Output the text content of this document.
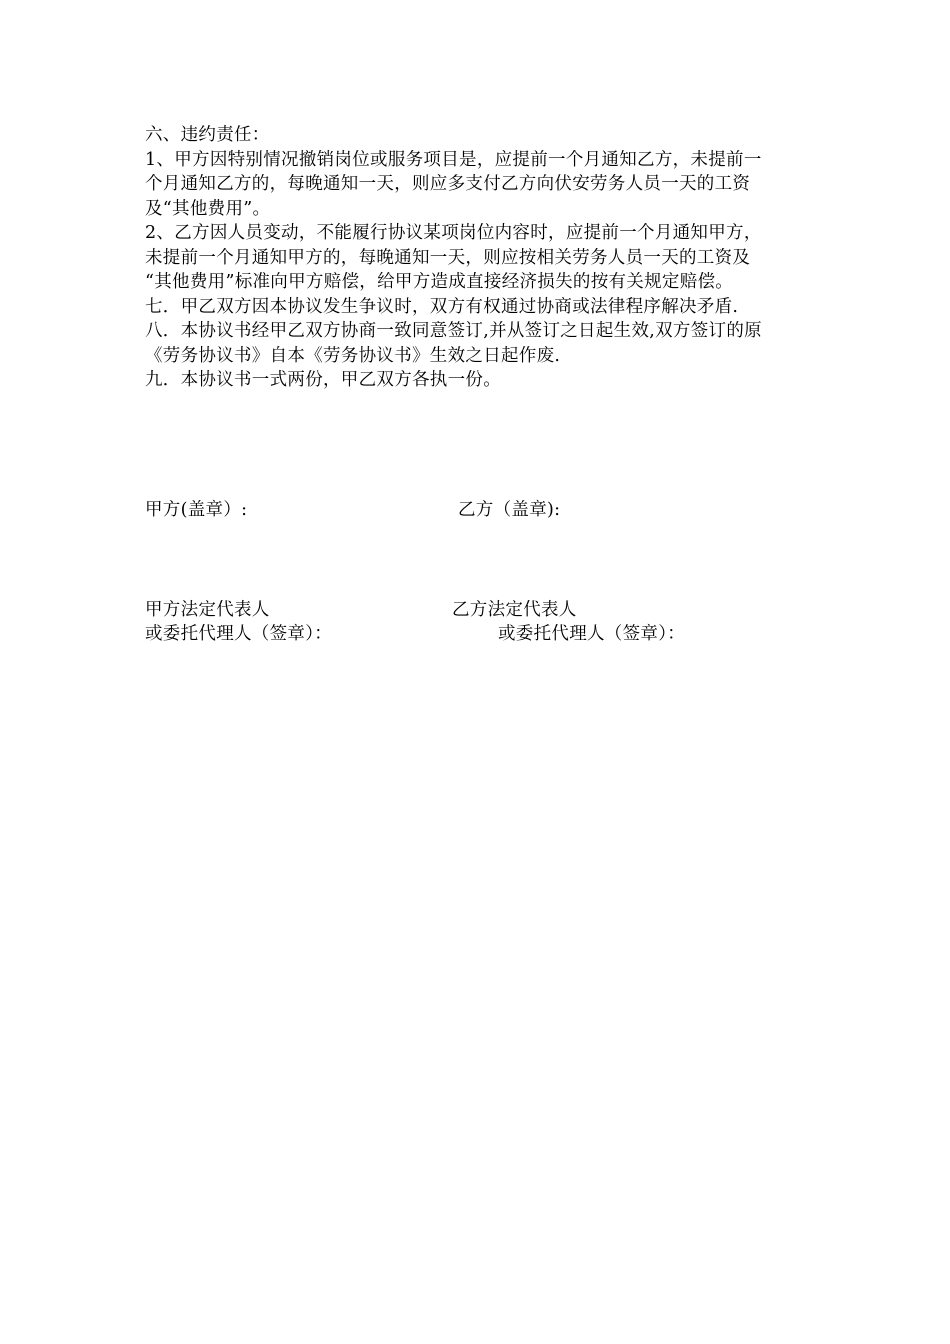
六、违约责任：

1、甲方因特别情况撤销岗位或服务项目是，应提前一个月通知乙方，未提前一

个月通知乙方的，每晚通知一天，则应多支付乙方向伏安劳务人员一天的工资

及“其他费用”。

2、乙方因人员变动，不能履行协议某项岗位内容时，应提前一个月通知甲方，

未提前一个月通知甲方的，每晚通知一天，则应按相关劳务人员一天的工资及

“其他费用”标准向甲方赔偿，给甲方造成直接经济损失的按有关规定赔偿。

七．甲乙双方因本协议发生争议时，双方有权通过协商或法律程序解决矛盾.

八．本协议书经甲乙双方协商一致同意签订,并从签订之日起生效,双方签订的原

《劳务协议书》自本《劳务协议书》生效之日起作废.

九．本协议书一式两份，甲乙双方各执一份。

甲方(盖章）:	乙方（盖章):
甲方法定代表人	乙方法定代表人
或委托代理人（签章）：	或委托代理人（签章）：
